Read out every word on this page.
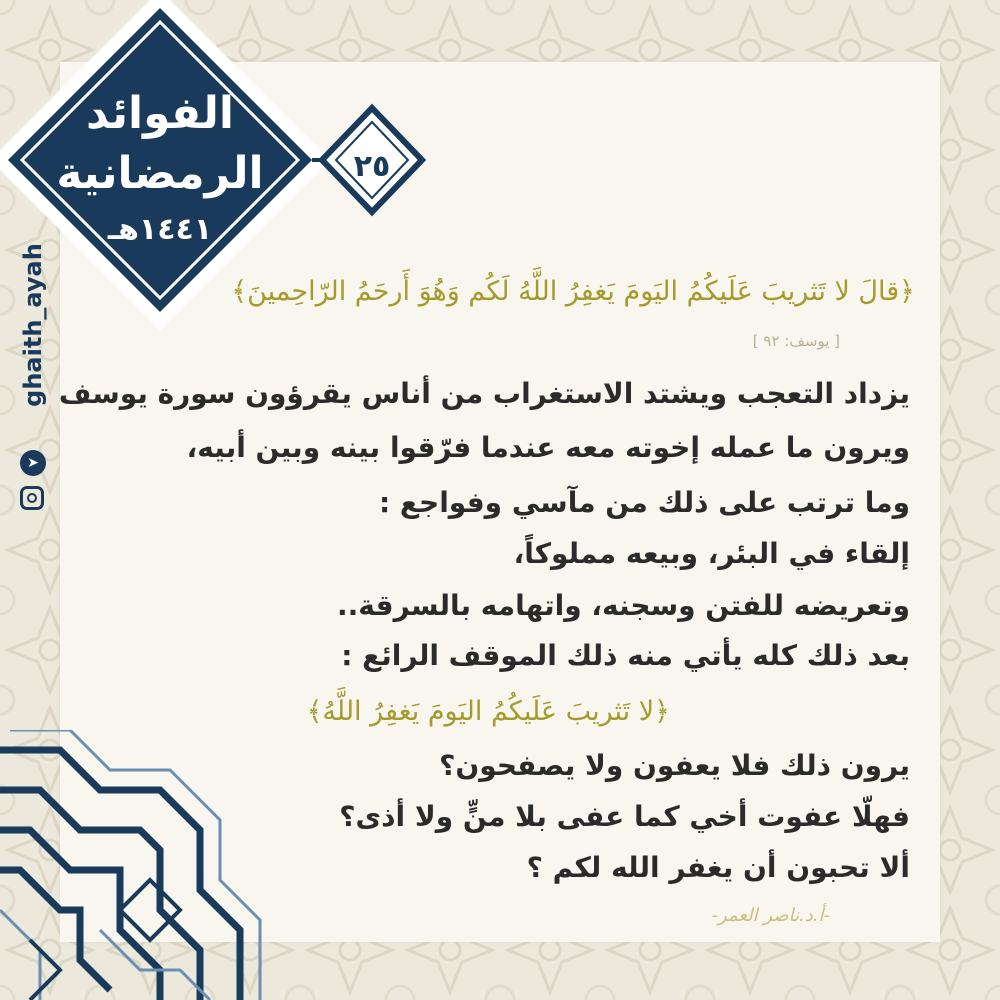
الفوائد
الرمضانية
١٤٤١هـ
٢٥
ghaith_ayah
➤
﴿قالَ لا تَثريبَ عَلَيكُمُ اليَومَ يَغفِرُ اللَّهُ لَكُم وَهُوَ أَرحَمُ الرّاحِمينَ﴾
[ يوسف: ٩٢ ]
يزداد التعجب ويشتد الاستغراب من أناس يقرؤون سورة يوسف
ويرون ما عمله إخوته معه عندما فرّقوا بينه وبين أبيه،
وما ترتب على ذلك من مآسي وفواجع :
إلقاء في البئر، وبيعه مملوكاً،
وتعريضه للفتن وسجنه، واتهامه بالسرقة..
بعد ذلك كله يأتي منه ذلك الموقف الرائع :
﴿لا تَثريبَ عَلَيكُمُ اليَومَ يَغفِرُ اللَّهُ﴾
يرون ذلك فلا يعفون ولا يصفحون؟
فهلّا عفوت أخي كما عفى بلا منٍّ ولا أذى؟
ألا تحبون أن يغفر الله لكم ؟
-أ.د.ناصر العمر-
